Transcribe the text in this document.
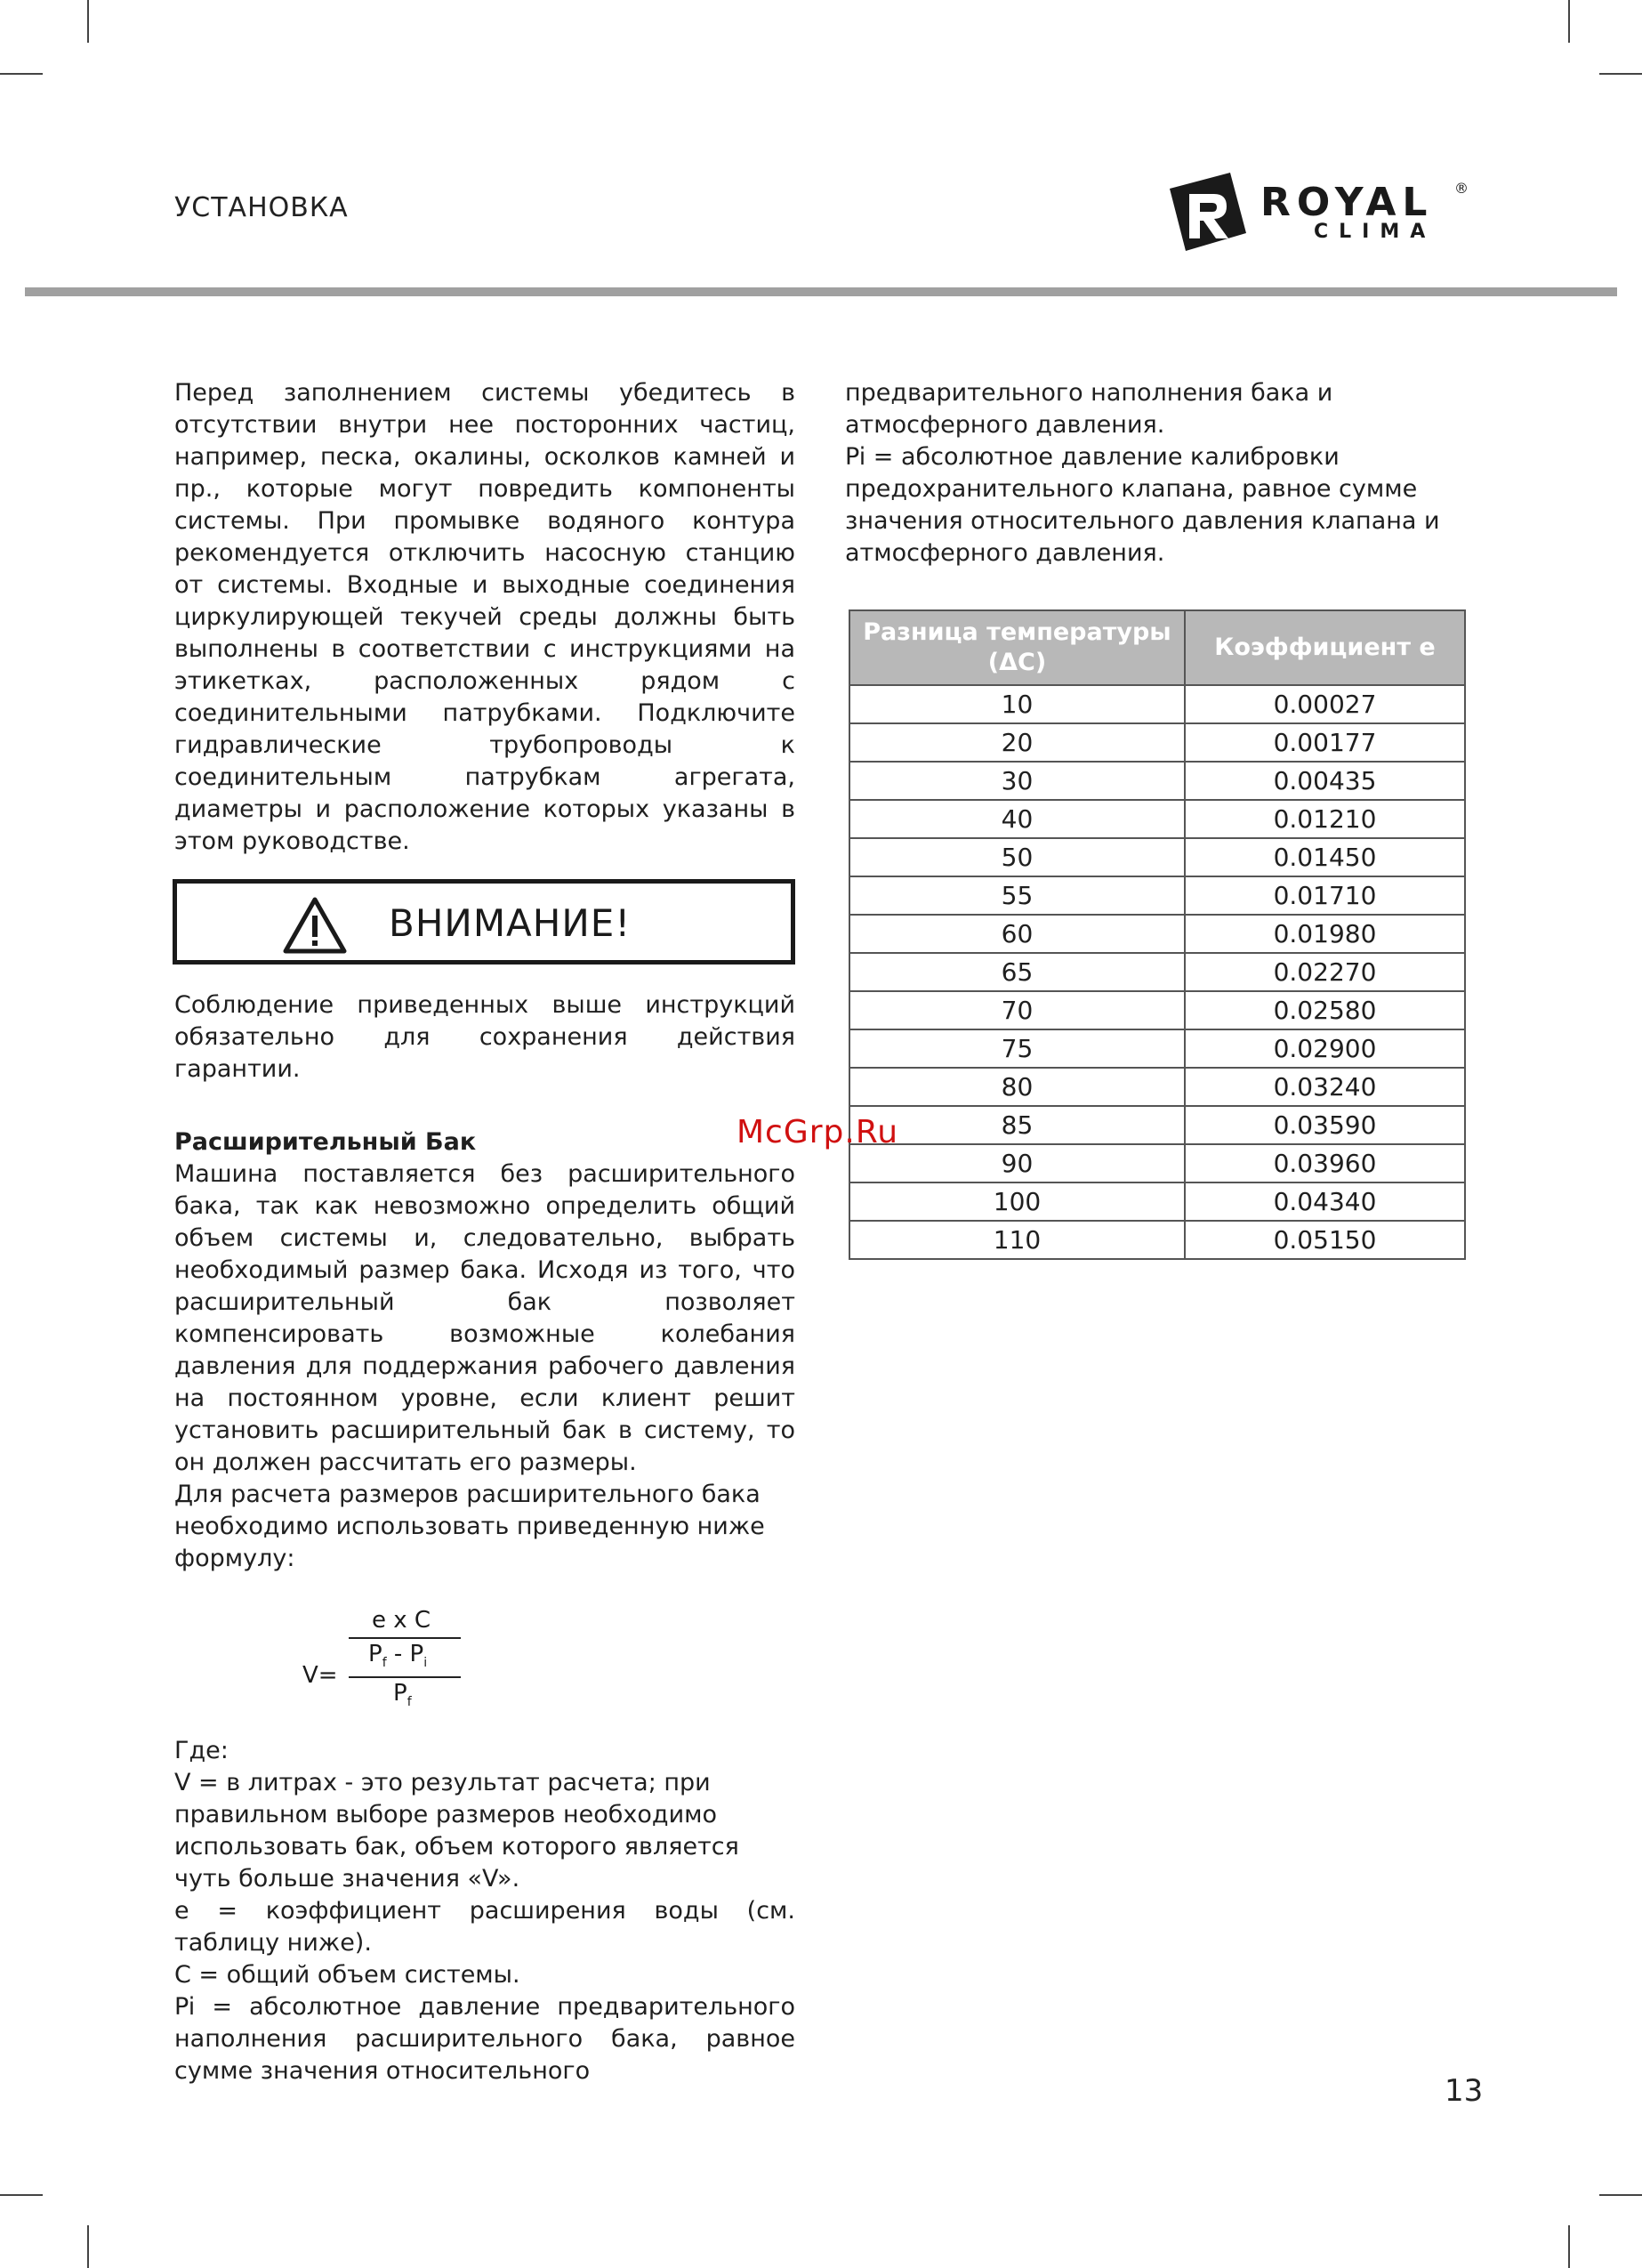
УСТАНОВКА	ROYAL ®
CLIMA

Перед заполнением системы убедитесь в отсутствии внутри нее посторонних частиц, например, песка, окалины, осколков камней и пр., которые могут повредить компоненты системы. При промывке водяного контура рекомендуется отключить насосную станцию от системы. Входные и выходные соединения циркулирующей текучей среды должны быть выполнены в соответствии с инструкциями на этикетках, расположенных рядом с соединительными патрубками. Подключите гидравлические трубопроводы к соединительным патрубкам агрегата, диаметры и расположение которых указаны в этом руководстве.

ВНИМАНИЕ!

Соблюдение приведенных выше инструкций обязательно для сохранения действия гарантии.

Расширительный Бак

Машина поставляется без расширительного бака, так как невозможно определить общий объем системы и, следовательно, выбрать необходимый размер бака. Исходя из того, что расширительный бак позволяет компенсировать возможные колебания давления для поддержания рабочего давления на постоянном уровне, если клиент решит установить расширительный бак в систему, то он должен рассчитать его размеры.

Для расчета размеров расширительного бака необходимо использовать приведенную ниже формулу:

V=
e x C
$P_f - P_i$
$P_f$

Где:

V = в литрах - это результат расчета; при правильном выборе размеров необходимо использовать бак, объем которого является чуть больше значения «V».

e = коэффициент расширения воды (см. таблицу ниже).

C = общий объем системы.

Pi = абсолютное давление предварительного наполнения расширительного бака, равное сумме значения относительного

предварительного наполнения бака и атмосферного давления.

Pi = абсолютное давление калибровки предохранительного клапана, равное сумме значения относительного давления клапана и атмосферного давления.

Разница температуры (ΔC)	Коэффициент е
10	0.00027
20	0.00177
30	0.00435
40	0.01210
50	0.01450
55	0.01710
60	0.01980
65	0.02270
70	0.02580
75	0.02900
80	0.03240
85	0.03590
90	0.03960
100	0.04340
110	0.05150
McGrp.Ru
13
